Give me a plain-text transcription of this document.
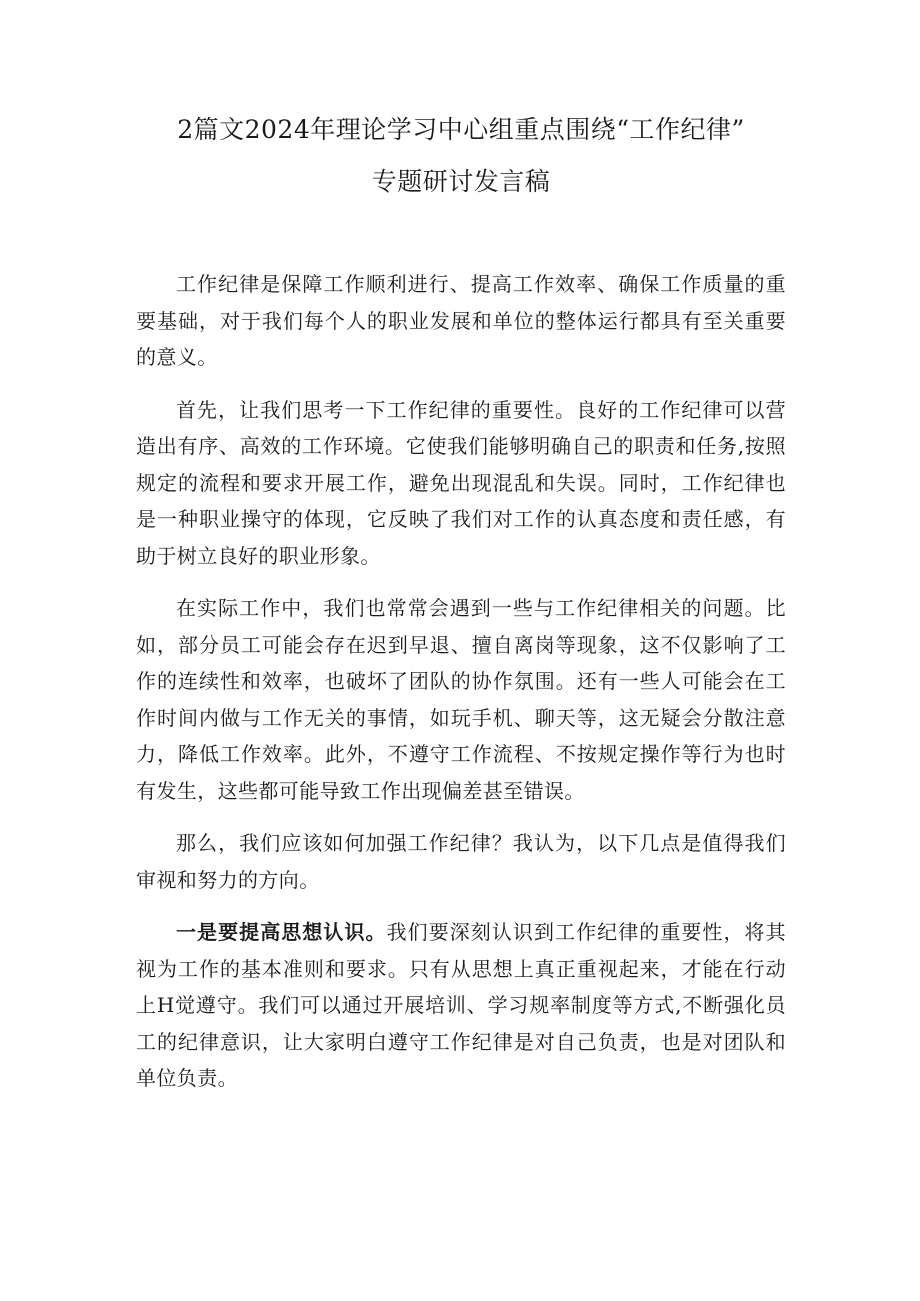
2篇文2024年理论学习中心组重点围绕“工作纪律”
专题研讨发言稿

工作纪律是保障工作顺利进行、提高工作效率、确保工作质量的重要基础，对于我们每个人的职业发展和单位的整体运行都具有至关重要的意义。

首先，让我们思考一下工作纪律的重要性。良好的工作纪律可以营造出有序、高效的工作环境。它使我们能够明确自己的职责和任务,按照规定的流程和要求开展工作，避免出现混乱和失误。同时，工作纪律也是一种职业操守的体现，它反映了我们对工作的认真态度和责任感，有助于树立良好的职业形象。

在实际工作中，我们也常常会遇到一些与工作纪律相关的问题。比如，部分员工可能会存在迟到早退、擅自离岗等现象，这不仅影响了工作的连续性和效率，也破坏了团队的协作氛围。还有一些人可能会在工作时间内做与工作无关的事情，如玩手机、聊天等，这无疑会分散注意力，降低工作效率。此外，不遵守工作流程、不按规定操作等行为也时有发生，这些都可能导致工作出现偏差甚至错误。

那么，我们应该如何加强工作纪律？我认为，以下几点是值得我们审视和努力的方向。

一是要提高思想认识。我们要深刻认识到工作纪律的重要性，将其视为工作的基本准则和要求。只有从思想上真正重视起来，才能在行动上H觉遵守。我们可以通过开展培训、学习规率制度等方式,不断强化员工的纪律意识，让大家明白遵守工作纪律是对自己负责，也是对团队和单位负责。
